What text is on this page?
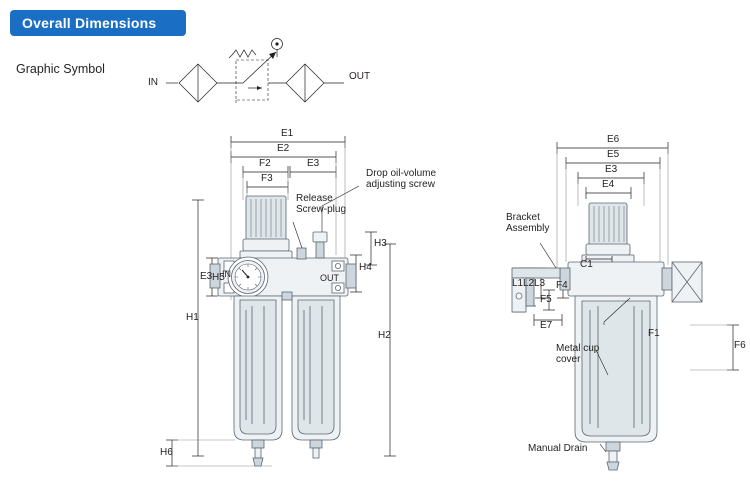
Overall Dimensions
Graphic Symbol
IN
OUT
E1
E2
F2	E3
F3
H3
H4
H1
H2
E3 H5
H6
Drop oil-volume
adjusting screw
Release
Screw-plug
IN	OUT
E6
E5
E3
E4
C1
L1 L2 L3 F4
F5
E7
F1
F6
Bracket
Assembly
Metal cup
cover
Manual Drain
